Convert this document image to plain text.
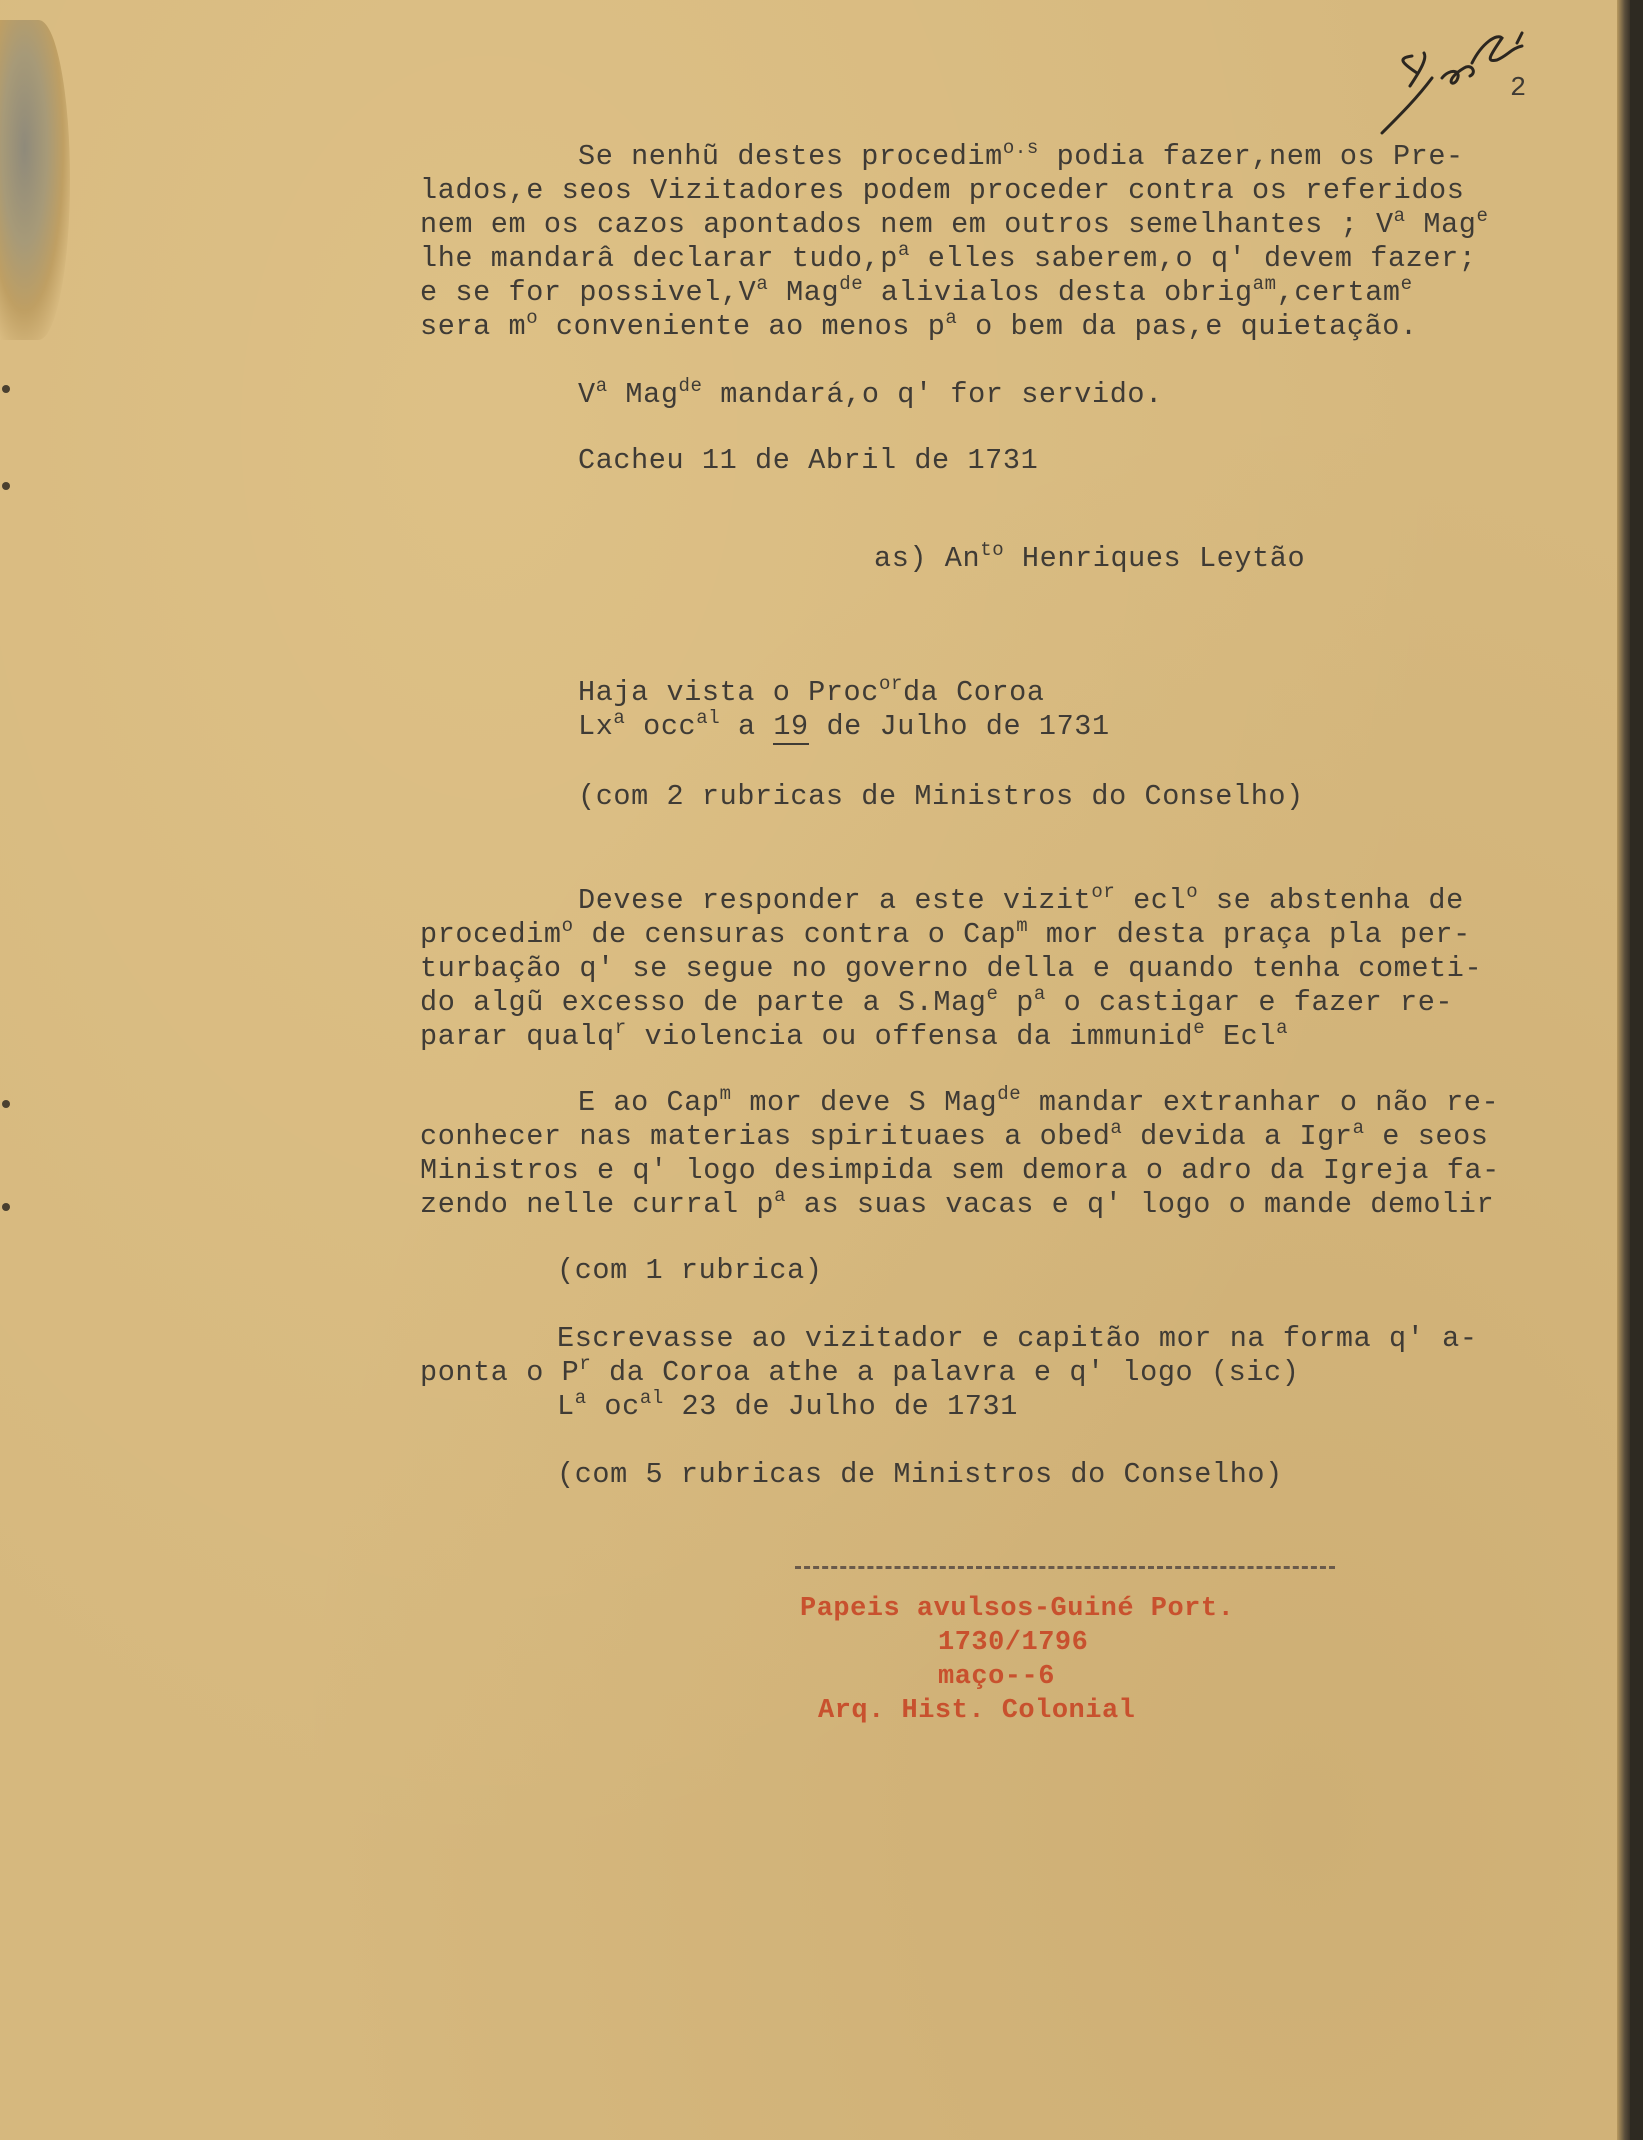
2
Se nenhũ destes procedim$^{o.s}$ podia fazer,nem os Pre-
lados,e seos Vizitadores podem proceder contra os referidos
nem em os cazos apontados nem em outros semelhantes ; $V^a$ Mag$^e$
lhe mandarâ declarar $tudo,p^a$ elles saberem,o q' devem fazer;
e se for $possivel,V^a$ Mag$^{de}$ alivialos desta obrig$^{am}$,certam$^e$
sera $m^o$ conveniente ao menos $p^a$ o bem da pas,e quietação.
$V^a$ Mag$^{de}$ mandará,o q' for servido.
Cacheu 11 de Abril de 1731
as) $An^{to}$ Henriques Leytão
Haja vista o Proc$^{or}$da Coroa
Lx$^a$ occ$^{al}$ a 19 de Julho de 1731
(com 2 rubricas de Ministros do Conselho)
Devese responder a este vizit$^{or}$ ecl$^o$ se abstenha de
procedim$^o$ de censuras contra o Cap$^m$ mor desta praça pla per-
turbação q' se segue no governo della e quando tenha cometi-
do algũ excesso de parte a S.Mag$^e$ $p^a$ o castigar e fazer re-
parar qualq$^r$ violencia ou offensa da immunid$^e$ Ecl$^a$
E ao Cap$^m$ mor deve S Mag$^{de}$ mandar extranhar o não re-
conhecer nas materias spirituaes a obed$^a$ devida a Igr$^a$ e seos
Ministros e q' logo desimpida sem demora o adro da Igreja fa-
zendo nelle curral $p^a$ as suas vacas e q' logo o mande demolir
(com 1 rubrica)
Escrevasse ao vizitador e capitão mor na forma q' a-
ponta o $P^r$ da Coroa athe a palavra e q' logo (sic)
$L^a$ $oc^{al}$ 23 de Julho de 1731
(com 5 rubricas de Ministros do Conselho)
Papeis avulsos-Guiné Port.
1730/1796
maço--6
Arq. Hist. Colonial
